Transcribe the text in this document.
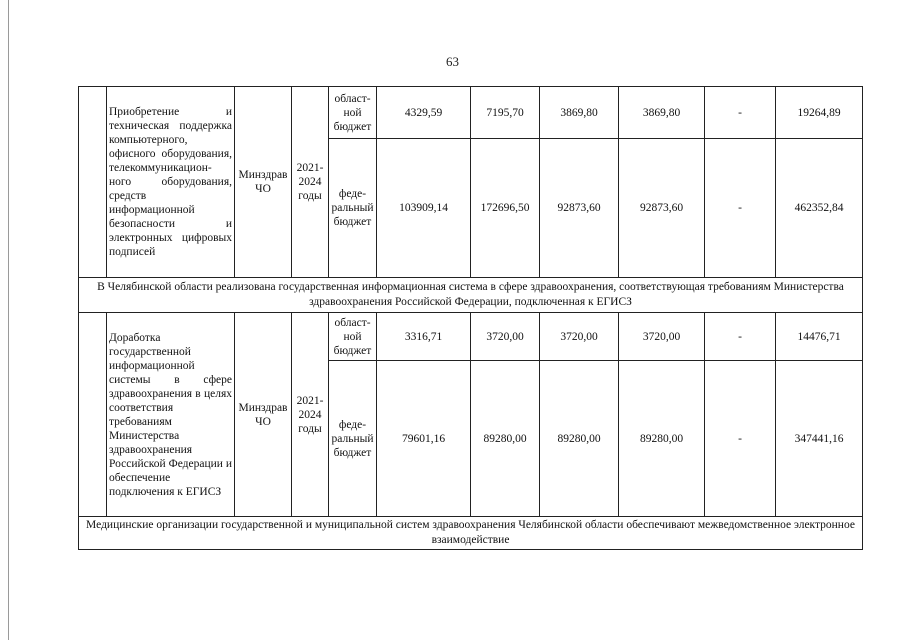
63
	Приобретение и техническая поддержка компьютерного, офисного оборудования, телекоммуникацион-ного оборудования, средств информационной безопасности и электронных цифровых подписей	Минздрав ЧО	2021-2024 годы	област-ной бюджет	4329,59	7195,70	3869,80	3869,80	-	19264,89
				феде-ральный бюджет	103909,14	172696,50	92873,60	92873,60	-	462352,84
В Челябинской области реализована государственная информационная система в сфере здравоохранения, соответствующая требованиям Министерства здравоохранения Российской Федерации, подключенная к ЕГИСЗ										
	Доработка государственной информационной системы в сфере здравоохранения в целях соответствия требованиям Министерства здравоохранения Российской Федерации и обеспечение подключения к ЕГИСЗ	Минздрав ЧО	2021-2024 годы	област-ной бюджет	3316,71	3720,00	3720,00	3720,00	-	14476,71
				феде-ральный бюджет	79601,16	89280,00	89280,00	89280,00	-	347441,16
Медицинские организации государственной и муниципальной систем здравоохранения Челябинской области обеспечивают межведомственное электронное взаимодействие										
